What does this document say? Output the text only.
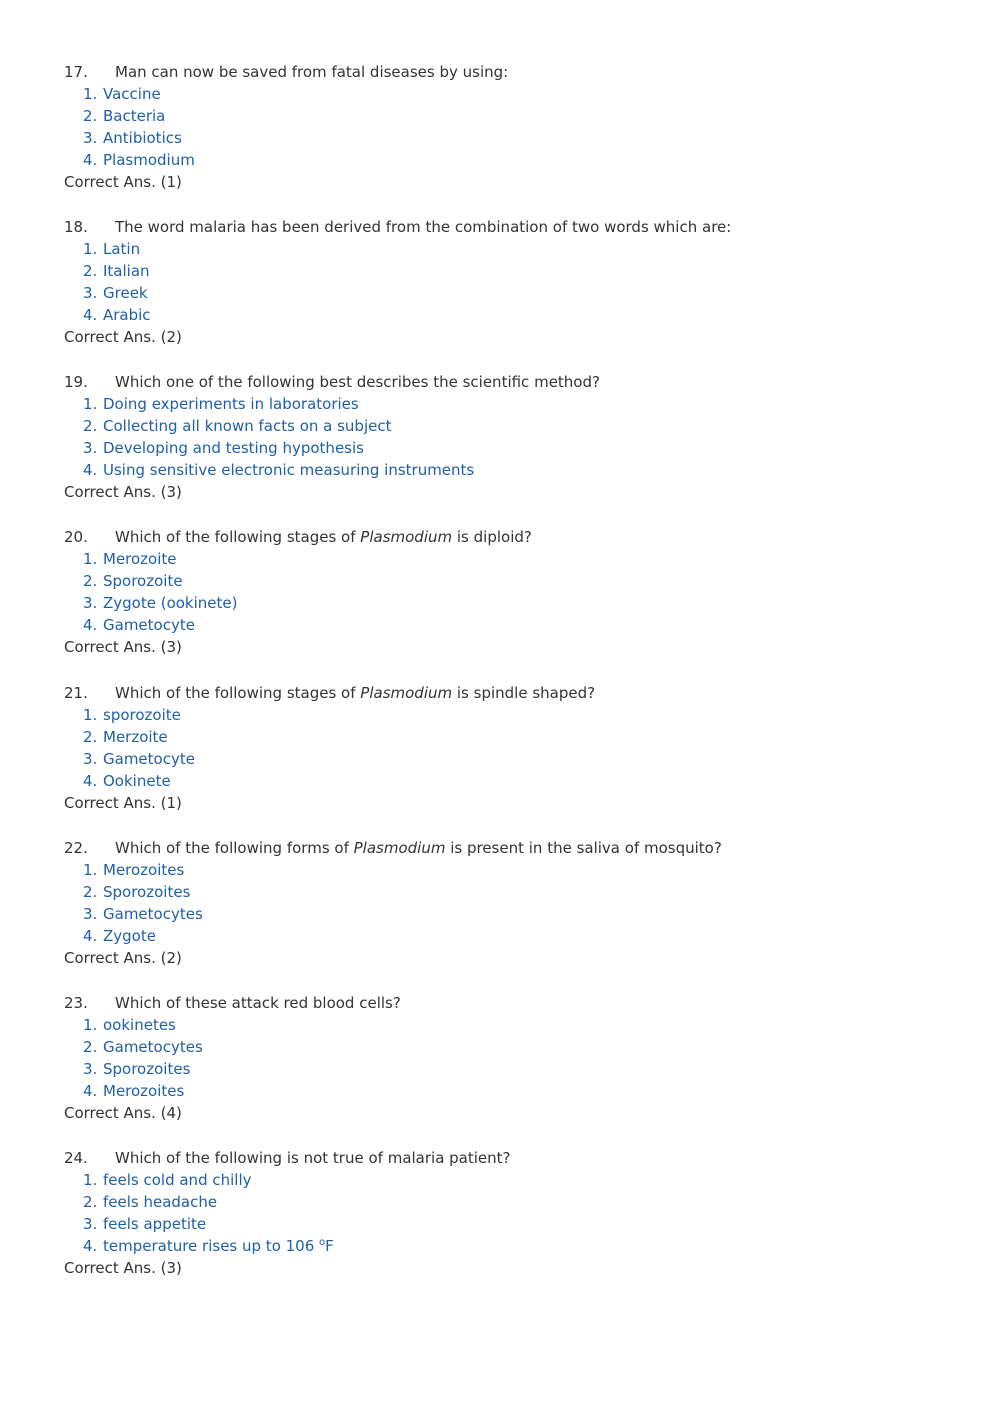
17. Man can now be saved from fatal diseases by using:
1. Vaccine
2. Bacteria
3. Antibiotics
4. Plasmodium
Correct Ans. (1)
18. The word malaria has been derived from the combination of two words which are:
1. Latin
2. Italian
3. Greek
4. Arabic
Correct Ans. (2)
19. Which one of the following best describes the scientific method?
1. Doing experiments in laboratories
2. Collecting all known facts on a subject
3. Developing and testing hypothesis
4. Using sensitive electronic measuring instruments
Correct Ans. (3)
20. Which of the following stages of Plasmodium is diploid?
1. Merozoite
2. Sporozoite
3. Zygote (ookinete)
4. Gametocyte
Correct Ans. (3)
21. Which of the following stages of Plasmodium is spindle shaped?
1. sporozoite
2. Merzoite
3. Gametocyte
4. Ookinete
Correct Ans. (1)
22. Which of the following forms of Plasmodium is present in the saliva of mosquito?
1. Merozoites
2. Sporozoites
3. Gametocytes
4. Zygote
Correct Ans. (2)
23. Which of these attack red blood cells?
1. ookinetes
2. Gametocytes
3. Sporozoites
4. Merozoites
Correct Ans. (4)
24. Which of the following is not true of malaria patient?
1. feels cold and chilly
2. feels headache
3. feels appetite
4. temperature rises up to 106 $^o$F
Correct Ans. (3)
